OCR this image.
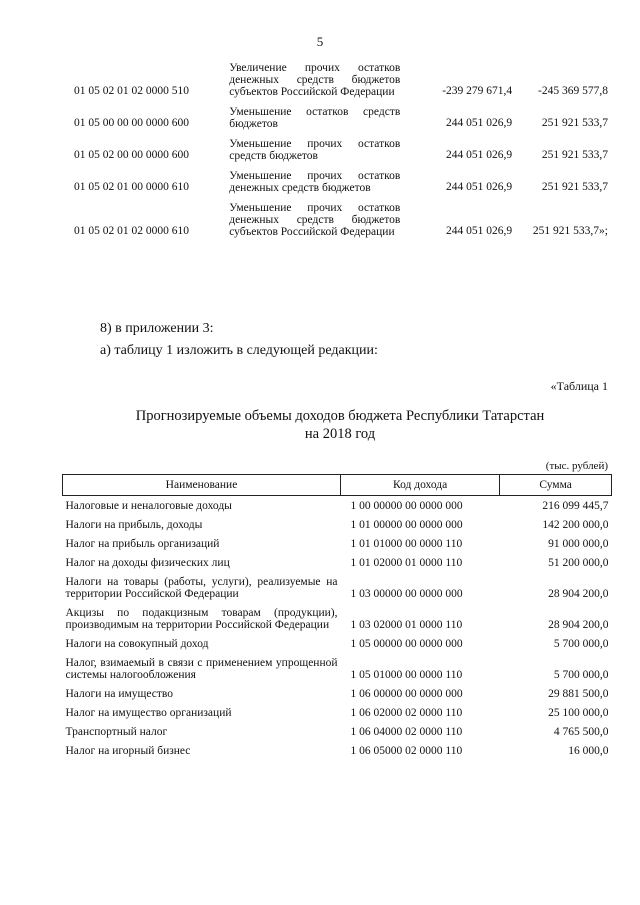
5
01 05 02 01 02 0000 510	Увеличение прочих остатков денежных средств бюджетов субъектов Российской Федерации	-239 279 671,4	-245 369 577,8
01 05 00 00 00 0000 600	Уменьшение остатков средств бюджетов	244 051 026,9	251 921 533,7
01 05 02 00 00 0000 600	Уменьшение прочих остатков средств бюджетов	244 051 026,9	251 921 533,7
01 05 02 01 00 0000 610	Уменьшение прочих остатков денежных средств бюджетов	244 051 026,9	251 921 533,7
01 05 02 01 02 0000 610	Уменьшение прочих остатков денежных средств бюджетов субъектов Российской Федерации	244 051 026,9	251 921 533,7»;
8) в приложении 3:
а) таблицу 1 изложить в следующей редакции:
«Таблица 1
Прогнозируемые объемы доходов бюджета Республики Татарстан
на 2018 год
(тыс. рублей)
Наименование	Код дохода	Сумма
Налоговые и неналоговые доходы	1 00 00000 00 0000 000	216 099 445,7
Налоги на прибыль, доходы	1 01 00000 00 0000 000	142 200 000,0
Налог на прибыль организаций	1 01 01000 00 0000 110	91 000 000,0
Налог на доходы физических лиц	1 01 02000 01 0000 110	51 200 000,0
Налоги на товары (работы, услуги), реализуемые на территории Российской Федерации	1 03 00000 00 0000 000	28 904 200,0
Акцизы по подакцизным товарам (продукции), производимым на территории Российской Федерации	1 03 02000 01 0000 110	28 904 200,0
Налоги на совокупный доход	1 05 00000 00 0000 000	5 700 000,0
Налог, взимаемый в связи с применением упрощенной системы налогообложения	1 05 01000 00 0000 110	5 700 000,0
Налоги на имущество	1 06 00000 00 0000 000	29 881 500,0
Налог на имущество организаций	1 06 02000 02 0000 110	25 100 000,0
Транспортный налог	1 06 04000 02 0000 110	4 765 500,0
Налог на игорный бизнес	1 06 05000 02 0000 110	16 000,0
